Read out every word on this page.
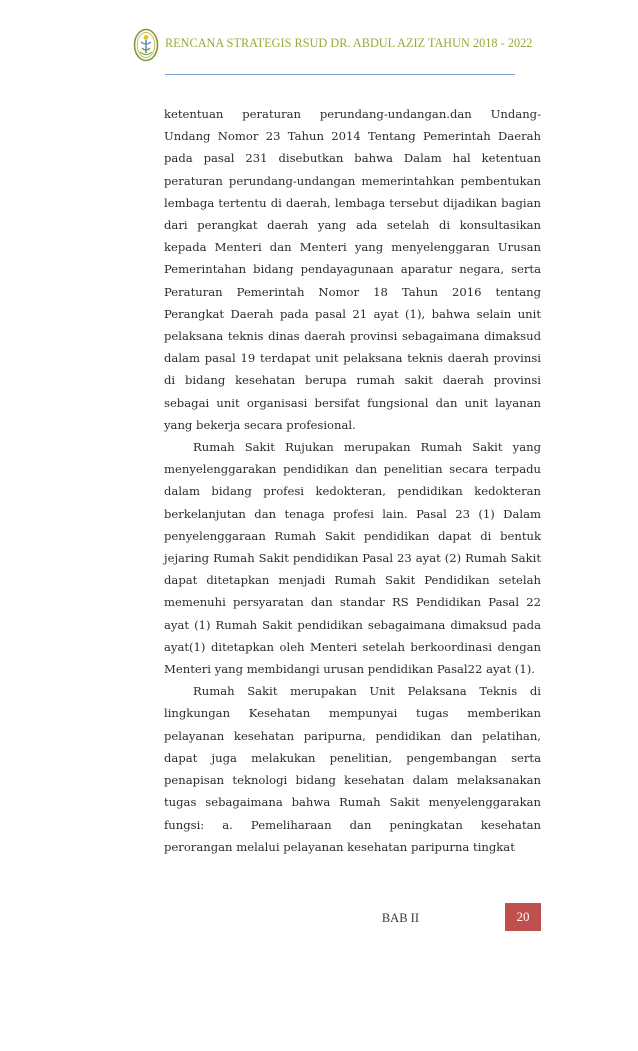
RENCANA STRATEGIS RSUD DR. ABDUL AZIZ TAHUN 2018 - 2022

ketentuan peraturan perundang-undangan.dan Undang-Undang Nomor 23 Tahun 2014 Tentang Pemerintah Daerah pada pasal 231 disebutkan bahwa Dalam hal ketentuan peraturan perundang-undangan memerintahkan pembentukan lembaga tertentu di daerah, lembaga tersebut dijadikan bagian dari perangkat daerah yang ada setelah di konsultasikan kepada Menteri dan Menteri yang menyelenggaran Urusan Pemerintahan bidang pendayagunaan aparatur negara, serta Peraturan Pemerintah Nomor 18 Tahun 2016 tentang Perangkat Daerah pada pasal 21 ayat (1), bahwa selain unit pelaksana teknis dinas daerah provinsi sebagaimana dimaksud dalam pasal 19 terdapat unit pelaksana teknis daerah provinsi di bidang kesehatan berupa rumah sakit daerah provinsi sebagai unit organisasi bersifat fungsional dan unit layanan yang bekerja secara profesional.

Rumah Sakit Rujukan merupakan Rumah Sakit yang menyelenggarakan pendidikan dan penelitian secara terpadu dalam bidang profesi kedokteran, pendidikan kedokteran berkelanjutan dan tenaga profesi lain. Pasal 23 (1) Dalam penyelenggaraan Rumah Sakit pendidikan dapat di bentuk jejaring Rumah Sakit pendidikan Pasal 23 ayat (2) Rumah Sakit dapat ditetapkan menjadi Rumah Sakit Pendidikan setelah memenuhi persyaratan dan standar RS Pendidikan Pasal 22 ayat (1) Rumah Sakit pendidikan sebagaimana dimaksud pada ayat(1) ditetapkan oleh Menteri setelah berkoordinasi dengan Menteri yang membidangi urusan pendidikan Pasal22 ayat (1).

Rumah Sakit merupakan Unit Pelaksana Teknis di lingkungan Kesehatan mempunyai tugas memberikan pelayanan kesehatan paripurna, pendidikan dan pelatihan, dapat juga melakukan penelitian, pengembangan serta penapisan teknologi bidang kesehatan dalam melaksanakan tugas sebagaimana bahwa Rumah Sakit menyelenggarakan fungsi: a. Pemeliharaan dan peningkatan kesehatan perorangan melalui pelayanan kesehatan paripurna tingkat

BAB II	20
